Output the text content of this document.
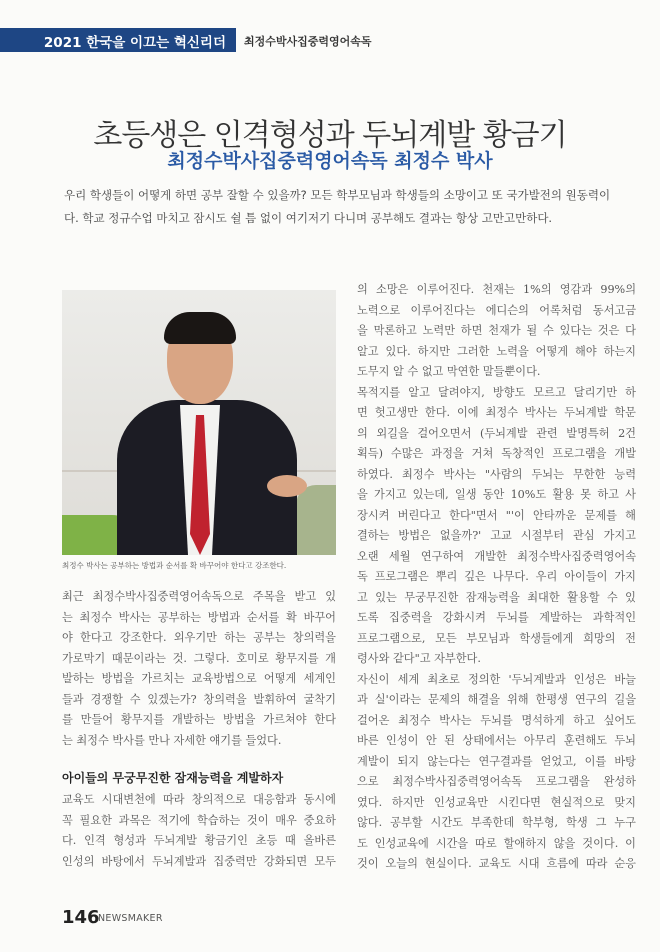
2021 한국을 이끄는 혁신리더 최정수박사집중력영어속독
초등생은 인격형성과 두뇌계발 황금기
최정수박사집중력영어속독 최정수 박사
우리 학생들이 어떻게 하면 공부 잘할 수 있을까? 모든 학부모님과 학생들의 소망이고 또 국가발전의 원동력이
다. 학교 정규수업 마치고 잠시도 쉴 틈 없이 여기저기 다니며 공부해도 결과는 항상 고만고만하다.
최정수 박사는 공부하는 방법과 순서를 확 바꾸어야 한다고 강조한다.
최근 최정수박사집중력영어속독으로 주목을 받고 있
는 최정수 박사는 공부하는 방법과 순서를 확 바꾸어
야 한다고 강조한다. 외우기만 하는 공부는 창의력을
가로막기 때문이라는 것. 그렇다. 호미로 황무지를 개
발하는 방법을 가르치는 교육방법으로 어떻게 세계인
들과 경쟁할 수 있겠는가? 창의력을 발휘하여 굴착기
를 만들어 황무지를 개발하는 방법을 가르쳐야 한다
는 최정수 박사를 만나 자세한 얘기를 들었다.
아이들의 무궁무진한 잠재능력을 계발하자
교육도 시대변천에 따라 창의적으로 대응함과 동시에
꼭 필요한 과목은 적기에 학습하는 것이 매우 중요하
다. 인격 형성과 두뇌계발 황금기인 초등 때 올바른
인성의 바탕에서 두뇌계발과 집중력만 강화되면 모두
의 소망은 이루어진다. 천재는 1%의 영감과 99%의
노력으로 이루어진다는 에디슨의 어록처럼 동서고금
을 막론하고 노력만 하면 천재가 될 수 있다는 것은 다
알고 있다. 하지만 그러한 노력을 어떻게 해야 하는지
도무지 알 수 없고 막연한 말들뿐이다.
목적지를 알고 달려야지, 방향도 모르고 달리기만 하
면 헛고생만 한다. 이에 최정수 박사는 두뇌계발 학문
의 외길을 걸어오면서 (두뇌계발 관련 발명특허 2건
획득) 수많은 과정을 거쳐 독창적인 프로그램을 개발
하였다. 최정수 박사는 "사람의 두뇌는 무한한 능력
을 가지고 있는데, 일생 동안 10%도 활용 못 하고 사
장시켜 버린다고 한다"면서 "'이 안타까운 문제를 해
결하는 방법은 없을까?' 고교 시절부터 관심 가지고
오랜 세월 연구하여 개발한 최정수박사집중력영어속
독 프로그램은 뿌리 깊은 나무다. 우리 아이들이 가지
고 있는 무궁무진한 잠재능력을 최대한 활용할 수 있
도록 집중력을 강화시켜 두뇌를 계발하는 과학적인
프로그램으로, 모든 부모님과 학생들에게 희망의 전
령사와 같다"고 자부한다.
자신이 세계 최초로 정의한 '두뇌계발과 인성은 바늘
과 실'이라는 문제의 해결을 위해 한평생 연구의 길을
걸어온 최정수 박사는 두뇌를 명석하게 하고 싶어도
바른 인성이 안 된 상태에서는 아무리 훈련해도 두뇌
계발이 되지 않는다는 연구결과를 얻었고, 이를 바탕
으로 최정수박사집중력영어속독 프로그램을 완성하
였다. 하지만 인성교육만 시킨다면 현실적으로 맞지
않다. 공부할 시간도 부족한데 학부형, 학생 그 누구
도 인성교육에 시간을 따로 할애하지 않을 것이다. 이
것이 오늘의 현실이다. 교육도 시대 흐름에 따라 순응
146
NEWSMAKER
